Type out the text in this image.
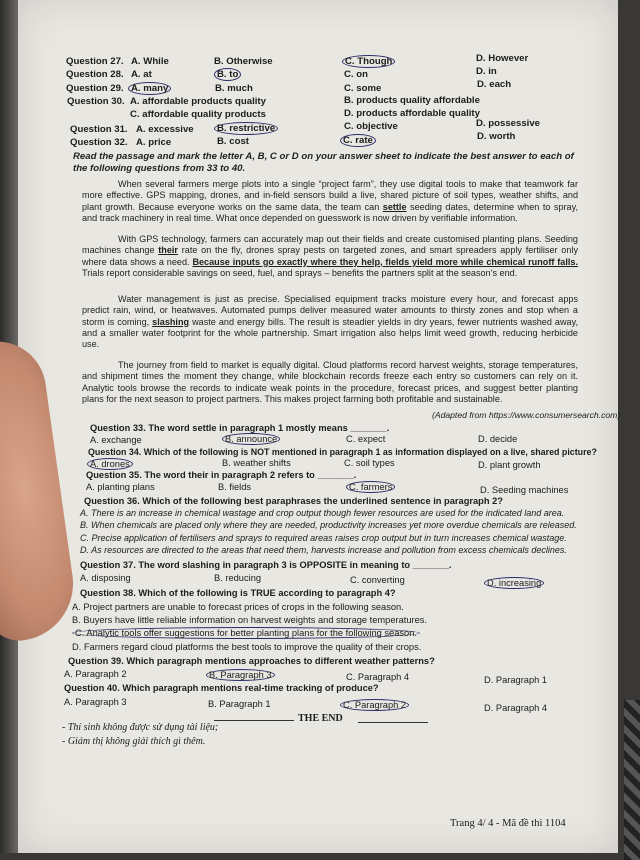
Question 27. A. While	B. Otherwise	C. Though	D. However
Question 28. A. at	B. to	C. on	D. in
Question 29. A. many	B. much	C. some	D. each
Question 30. A. affordable products quality	B. products quality affordable
C. affordable quality products	D. products affordable quality
Question 31. A. excessive	B. restrictive	C. objective	D. possessive
Question 32. A. price	B. cost	C. rate	D. worth
Read the passage and mark the letter A, B, C or D on your answer sheet to indicate the best answer to each of the following questions from 33 to 40.

When several farmers merge plots into a single “project farm”, they use digital tools to make that teamwork far more effective. GPS mapping, drones, and in-field sensors build a live, shared picture of soil types, weather shifts, and plant growth. Because everyone works on the same data, the team can settle seeding dates, determine when to spray, and track machinery in real time. What once depended on guesswork is now driven by verifiable information.

With GPS technology, farmers can accurately map out their fields and create customised planting plans. Seeding machines change their rate on the fly, drones spray pests on targeted zones, and smart spreaders apply fertiliser only where data shows a need. Because inputs go exactly where they help, fields yield more while chemical runoff falls. Trials report considerable savings on seed, fuel, and sprays – benefits the partners split at the season’s end.

Water management is just as precise. Specialised equipment tracks moisture every hour, and forecast apps predict rain, wind, or heatwaves. Automated pumps deliver measured water amounts to thirsty zones and stop when a storm is coming, slashing waste and energy bills. The result is steadier yields in dry years, fewer nutrients washed away, and a smaller water footprint for the whole partnership. Smart irrigation also helps limit weed growth, reducing herbicide use.

The journey from field to market is equally digital. Cloud platforms record harvest weights, storage temperatures, and shipment times the moment they change, while blockchain records freeze each entry so customers can rely on it. Analytic tools browse the records to indicate weak points in the procedure, forecast prices, and suggest better planting plans for the next season to project partners. This makes project farming both profitable and sustainable.

(Adapted from https://www.consumersearch.com)
Question 33. The word settle in paragraph 1 mostly means _______.
A. exchange	B. announce	C. expect	D. decide
Question 34. Which of the following is NOT mentioned in paragraph 1 as information displayed on a live, shared picture?
A. drones	B. weather shifts	C. soil types	D. plant growth
Question 35. The word their in paragraph 2 refers to _______.
A. planting plans	B. fields	C. farmers	D. Seeding machines
Question 36. Which of the following best paraphrases the underlined sentence in paragraph 2?
A. There is an increase in chemical wastage and crop output though fewer resources are used for the indicated land area.
B. When chemicals are placed only where they are needed, productivity increases yet more overdue chemicals are released.
C. Precise application of fertilisers and sprays to required areas raises crop output but in turn increases chemical wastage.
D. As resources are directed to the areas that need them, harvests increase and pollution from excess chemicals declines.
Question 37. The word slashing in paragraph 3 is OPPOSITE in meaning to _______.
A. disposing	B. reducing	C. converting	D. increasing
Question 38. Which of the following is TRUE according to paragraph 4?
A. Project partners are unable to forecast prices of crops in the following season.
B. Buyers have little reliable information on harvest weights and storage temperatures.
C. Analytic tools offer suggestions for better planting plans for the following season.
D. Farmers regard cloud platforms the best tools to improve the quality of their crops.
Question 39. Which paragraph mentions approaches to different weather patterns?
A. Paragraph 2	B. Paragraph 3	C. Paragraph 4	D. Paragraph 1
Question 40. Which paragraph mentions real-time tracking of produce?
A. Paragraph 3	B. Paragraph 1	C. Paragraph 2	D. Paragraph 4
THE END
- Thí sinh không được sử dụng tài liệu;
- Giám thị không giải thích gì thêm.
Trang 4/ 4 - Mã đề thi 1104
